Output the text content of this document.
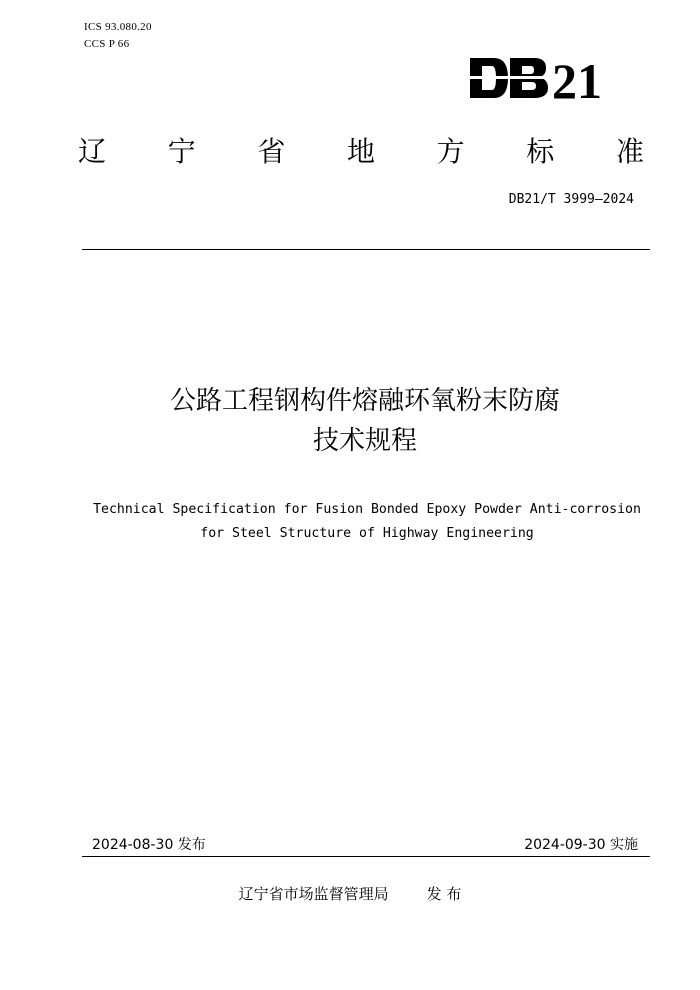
ICS 93.080.20
CCS P 66
21
辽 宁 省 地 方 标 准
DB21/T 3999—2024
公路工程钢构件熔融环氧粉末防腐
技术规程
Technical Specification for Fusion Bonded Epoxy Powder Anti-corrosion
for Steel Structure of Highway Engineering
2024-08-30 发布	2024-09-30 实施
辽宁省市场监督管理局	发 布
